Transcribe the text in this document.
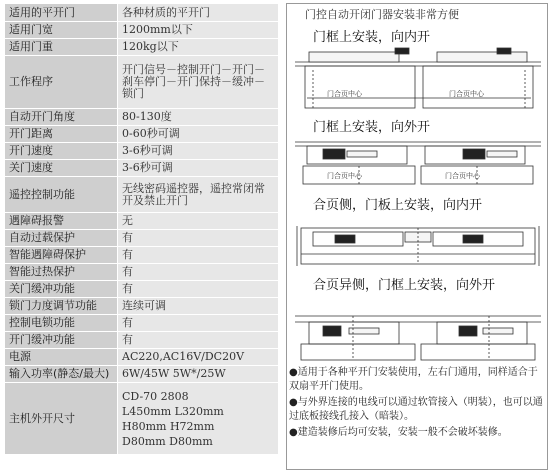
适用的平开门	各种材质的平开门
适用门宽	1200mm以下
适用门重	120kg以下
工作程序	开门信号－控制开门－开门－刹车停门－开门保持－缓冲－锁门
自动开门角度	80-130度
开门距离	0-60秒可调
开门速度	3-6秒可调
关门速度	3-6秒可调
遥控控制功能	无线密码遥控器，遥控常闭常开及禁止开门
遇障碍报警	无
自动过载保护	有
智能遇障碍保护	有
智能过热保护	有
关门缓冲功能	有
锁门力度调节功能	连续可调
控制电锁功能	有
开门缓冲功能	有
电源	AC220,AC16V/DC20V
输入功率(静态/最大)	6W/45W 5W*/25W
主机外开尺寸	CD-70 2808
L450mm L320mm
H80mm H72mm
D80mm D80mm
门控自动开闭门器安装非常方便
门框上安装，向内开
门框上安装，向外开
合页侧，门板上安装，向内开
合页异侧，门框上安装，向外开
门合页中心	门合页中心
门合页中心	门合页中心

●适用于各种平开门安装使用，左右门通用，同样适合于双扇平开门使用。

●与外界连接的电线可以通过软管接入（明装），也可以通过底板接线孔接入（暗装）。

●建造装修后均可安装，安装一般不会破坏装修。
